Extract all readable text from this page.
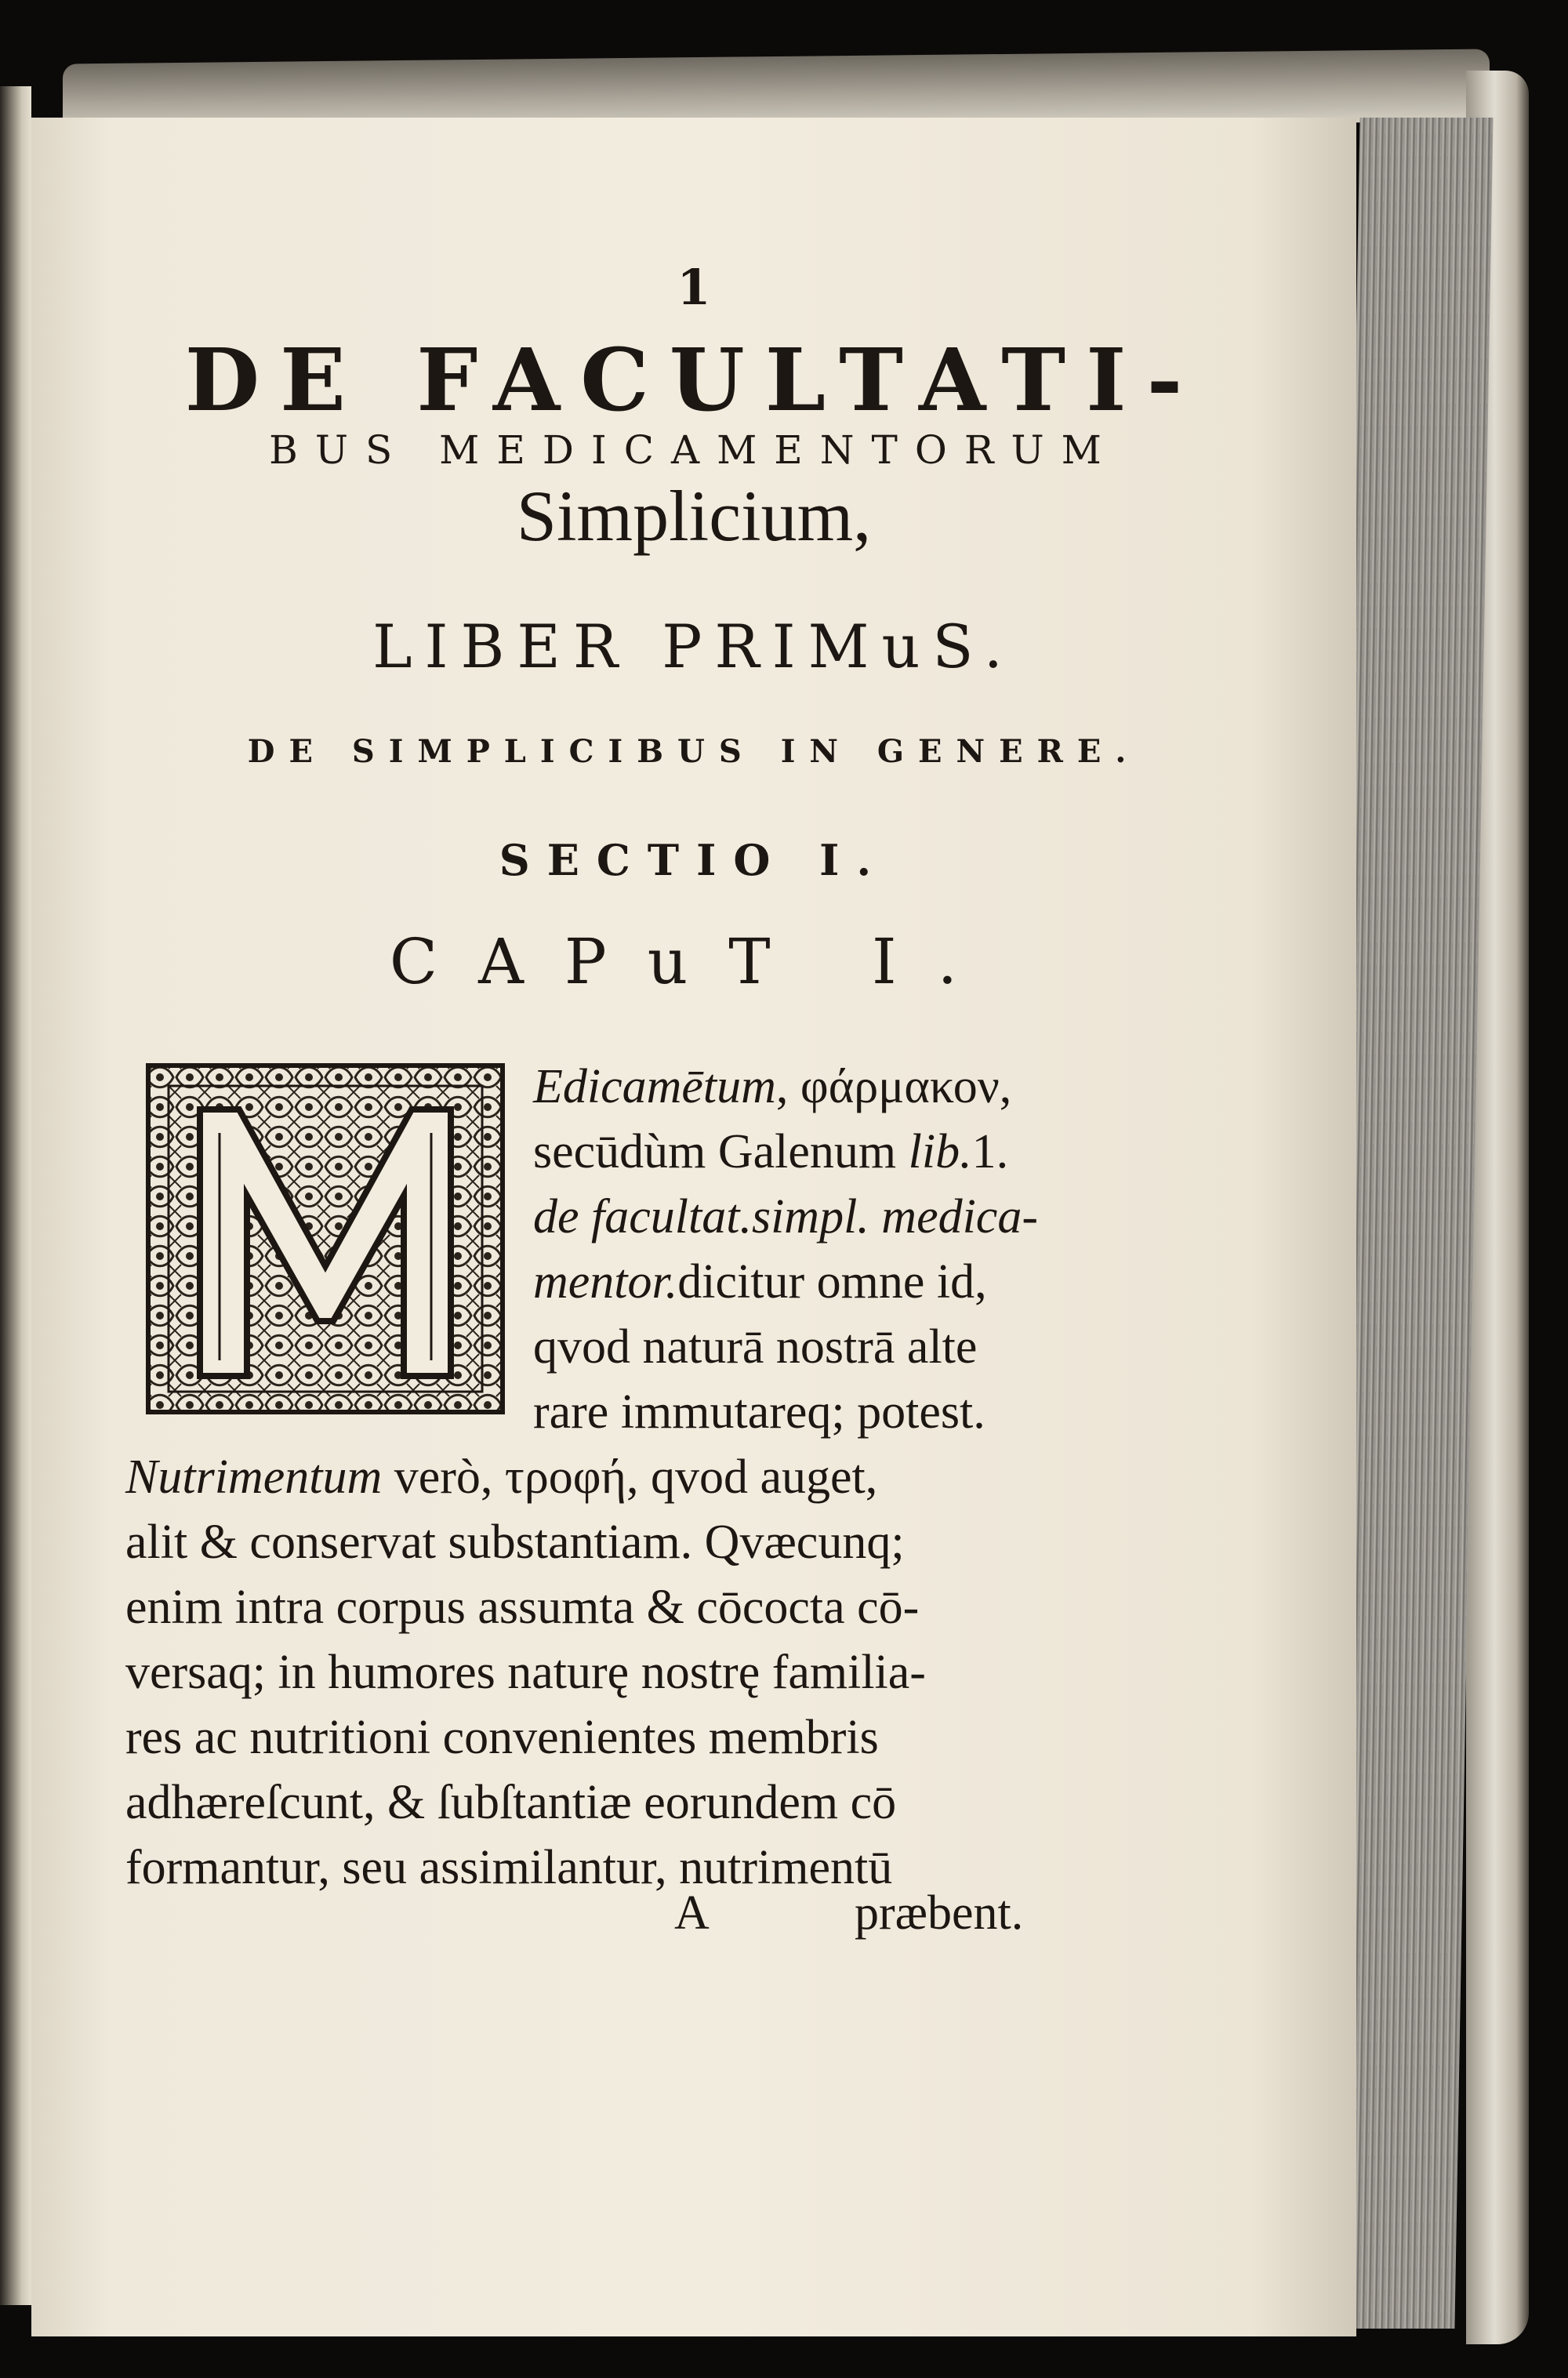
1
DE FACULTATI-
BUS MEDICAMENTORUM
Simplicium,
LIBER PRIMuS.
DE SIMPLICIBUS IN GENERE.
SECTIO I.
CAPuT I.
Edicamētum, φάρμακον,
secūdùm Galenum lib.1.
de facultat.simpl. medica-
mentor.dicitur omne id,
qvod naturā nostrā alte
rare immutareq; potest.
Nutrimentum verò, τροφή, qvod auget,
alit & conservat substantiam. Qvæcunq;
enim intra corpus assumta & cōcocta cō-
versaq; in humores naturę nostrę familia-
res ac nutritioni convenientes membris
adhæreſcunt, & ſubſtantiæ eorundem cō
formantur, seu assimilantur, nutrimentū
A	præbent.
